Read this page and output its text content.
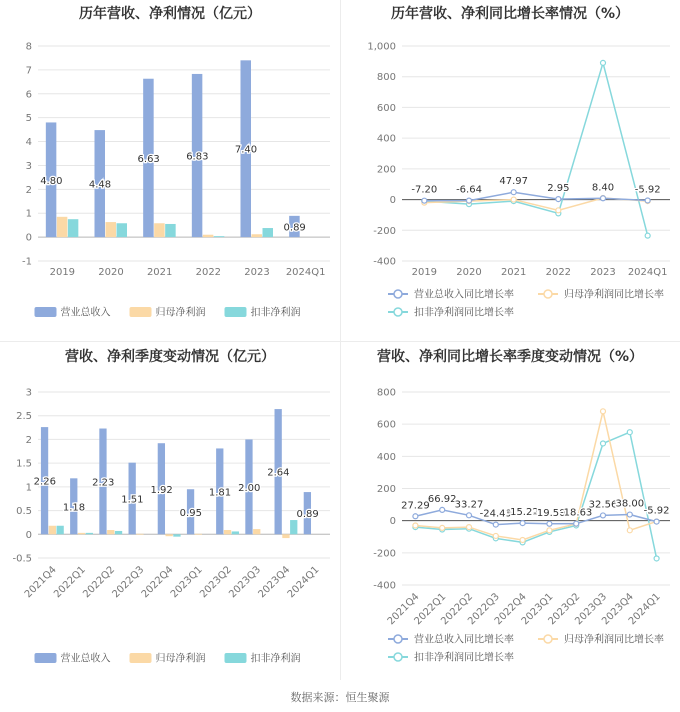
历年营收、净利情况（亿元）
-1
0
1
2
3
4
5
6
7
8
2019 2020 2021 2022 2023 2024Q1
4.80	4.48
6.63	6.83
7.40
0.89
营业总收入	归母净利润	扣非净利润
历年营收、净利同比增长率情况（%）
-400
-200
0
200
400
600
800
1,000
2019 2020 2021 2022 2023 2024Q1
-7.20 -6.64
47.97
2.95 8.40 -5.92
营业总收入同比增长率	归母净利润同比增长率
扣非净利润同比增长率
营收、净利季度变动情况（亿元）
-0.5
0
0.5
1
1.5
2
2.5
3
2021Q4
2022Q1
2022Q2
2022Q3
2022Q4
2023Q1
2023Q2
2023Q3
2023Q4
2024Q1
2.26
1.18
2.23
1.51
1.92
0.95
1.81 2.00
2.64
0.89
营业总收入	归母净利润	扣非净利润
营收、净利同比增长率季度变动情况（%）
-400
-200
0
200
400
600
800
2021Q4
2022Q1
2022Q2
2022Q3
2022Q4
2023Q1
2023Q2
2023Q3
2023Q4
2024Q1
27.29
66.92
33.27
-24.49
-15.22
-19.50
-18.63
32.56
38.00
-5.92
营业总收入同比增长率	归母净利润同比增长率
扣非净利润同比增长率
数据来源：恒生聚源
